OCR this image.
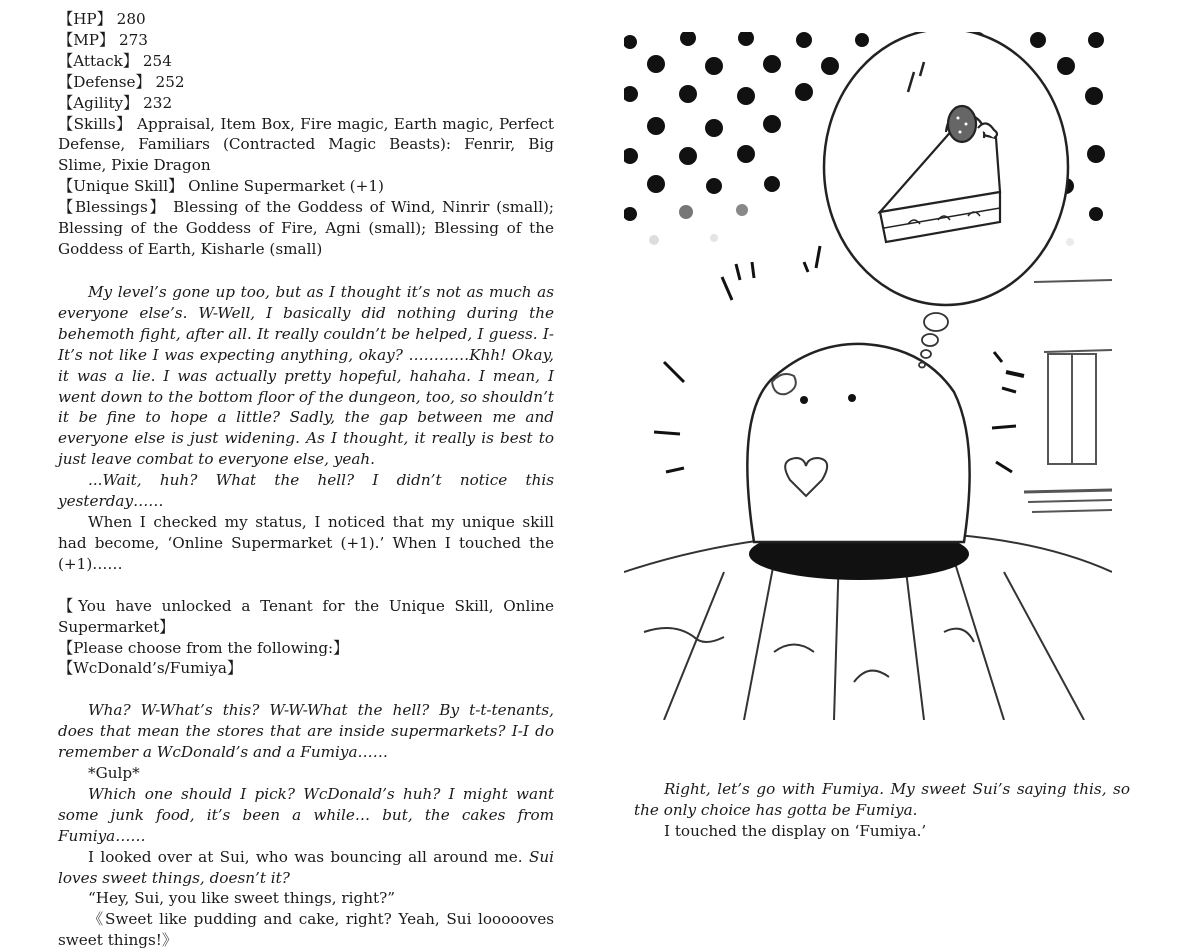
【HP】 280

【MP】 273

【Attack】 254

【Defense】 252

【Agility】 232

【Skills】 Appraisal, Item Box, Fire magic, Earth magic, Perfect Defense, Familiars (Contracted Magic Beasts): Fenrir, Big Slime, Pixie Dragon

【Unique Skill】 Online Supermarket (+1)

【Blessings】 Blessing of the Goddess of Wind, Ninrir (small); Blessing of the Goddess of Fire, Agni (small); Blessing of the Goddess of Earth, Kisharle (small)

My level’s gone up too, but as I thought it’s not as much as everyone else’s. W-Well, I basically did nothing during the behemoth fight, after all. It really couldn’t be helped, I guess. I-It’s not like I was expecting anything, okay? …………Khh! Okay, it was a lie. I was actually pretty hopeful, hahaha. I mean, I went down to the bottom floor of the dungeon, too, so shouldn’t it be fine to hope a little? Sadly, the gap between me and everyone else is just widening. As I thought, it really is best to just leave combat to everyone else, yeah.

...Wait, huh? What the hell? I didn’t notice this yesterday……

When I checked my status, I noticed that my unique skill had become, ‘Online Supermarket (+1).’ When I touched the (+1)……

【You have unlocked a Tenant for the Unique Skill, Online Supermarket】

【Please choose from the following:】

【WcDonald’s/Fumiya】

Wha? W-What’s this? W-W-What the hell? By t-t-tenants, does that mean the stores that are inside supermarkets? I-I do remember a WcDonald’s and a Fumiya……

*Gulp*

Which one should I pick? WcDonald’s huh? I might want some junk food, it’s been a while… but, the cakes from Fumiya……

I looked over at Sui, who was bouncing all around me. Sui loves sweet things, doesn’t it?

“Hey, Sui, you like sweet things, right?”

《Sweet like pudding and cake, right? Yeah, Sui loooooves sweet things!》

Right, let’s go with Fumiya. My sweet Sui’s saying this, so the only choice has gotta be Fumiya.

I touched the display on ‘Fumiya.’
